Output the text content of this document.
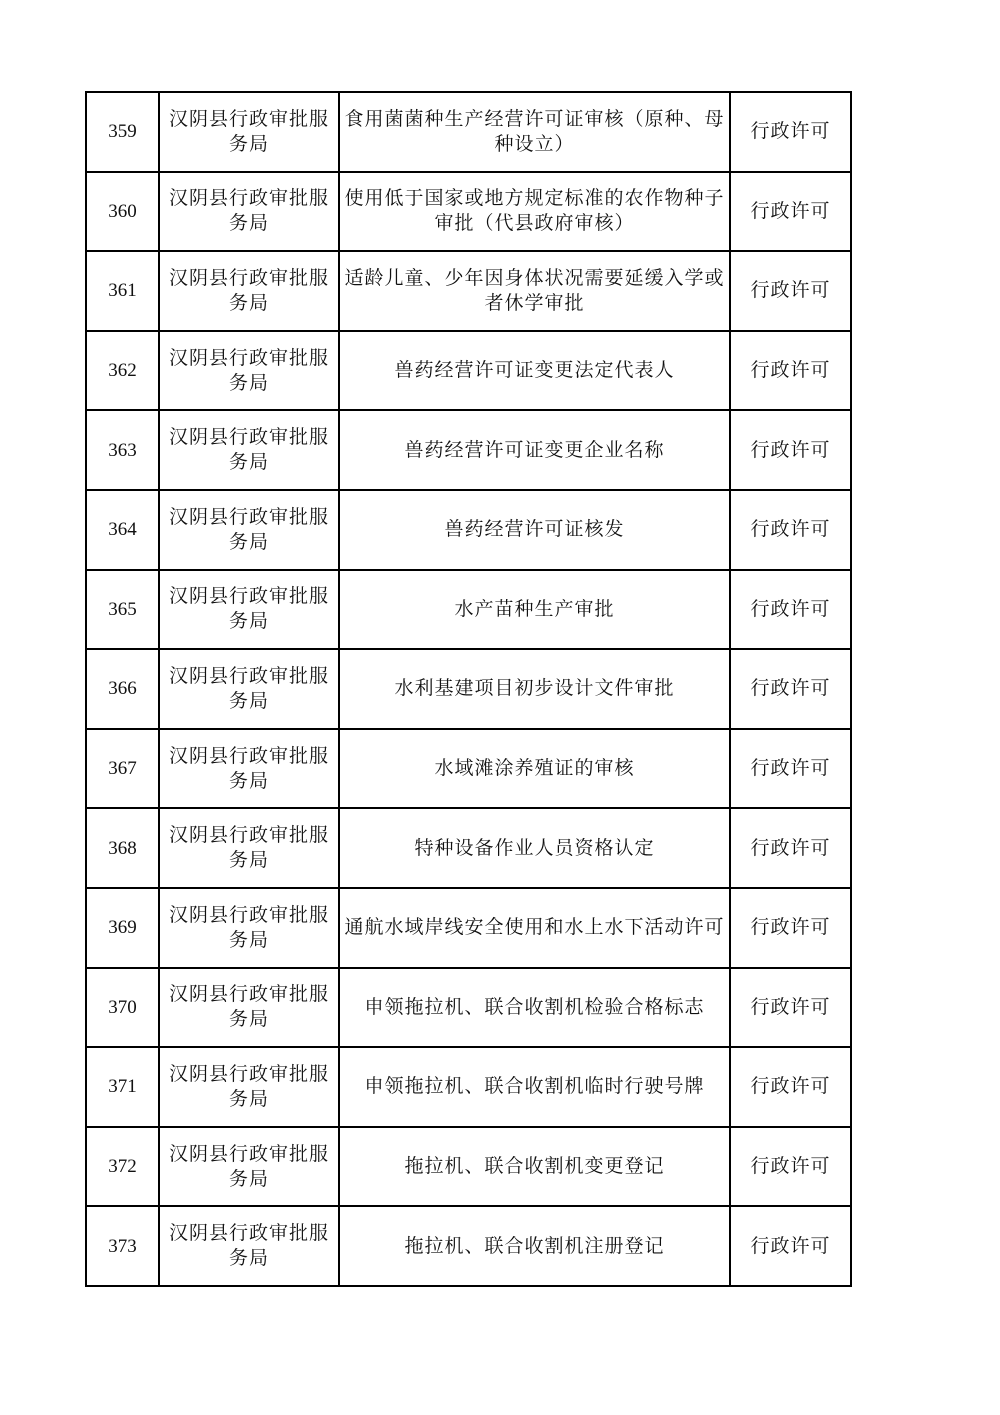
359	汉阴县行政审批服务局	食用菌菌种生产经营许可证审核（原种、母种设立）	行政许可
360	汉阴县行政审批服务局	使用低于国家或地方规定标准的农作物种子审批（代县政府审核）	行政许可
361	汉阴县行政审批服务局	适龄儿童、少年因身体状况需要延缓入学或者休学审批	行政许可
362	汉阴县行政审批服务局	兽药经营许可证变更法定代表人	行政许可
363	汉阴县行政审批服务局	兽药经营许可证变更企业名称	行政许可
364	汉阴县行政审批服务局	兽药经营许可证核发	行政许可
365	汉阴县行政审批服务局	水产苗种生产审批	行政许可
366	汉阴县行政审批服务局	水利基建项目初步设计文件审批	行政许可
367	汉阴县行政审批服务局	水域滩涂养殖证的审核	行政许可
368	汉阴县行政审批服务局	特种设备作业人员资格认定	行政许可
369	汉阴县行政审批服务局	通航水域岸线安全使用和水上水下活动许可	行政许可
370	汉阴县行政审批服务局	申领拖拉机、联合收割机检验合格标志	行政许可
371	汉阴县行政审批服务局	申领拖拉机、联合收割机临时行驶号牌	行政许可
372	汉阴县行政审批服务局	拖拉机、联合收割机变更登记	行政许可
373	汉阴县行政审批服务局	拖拉机、联合收割机注册登记	行政许可
